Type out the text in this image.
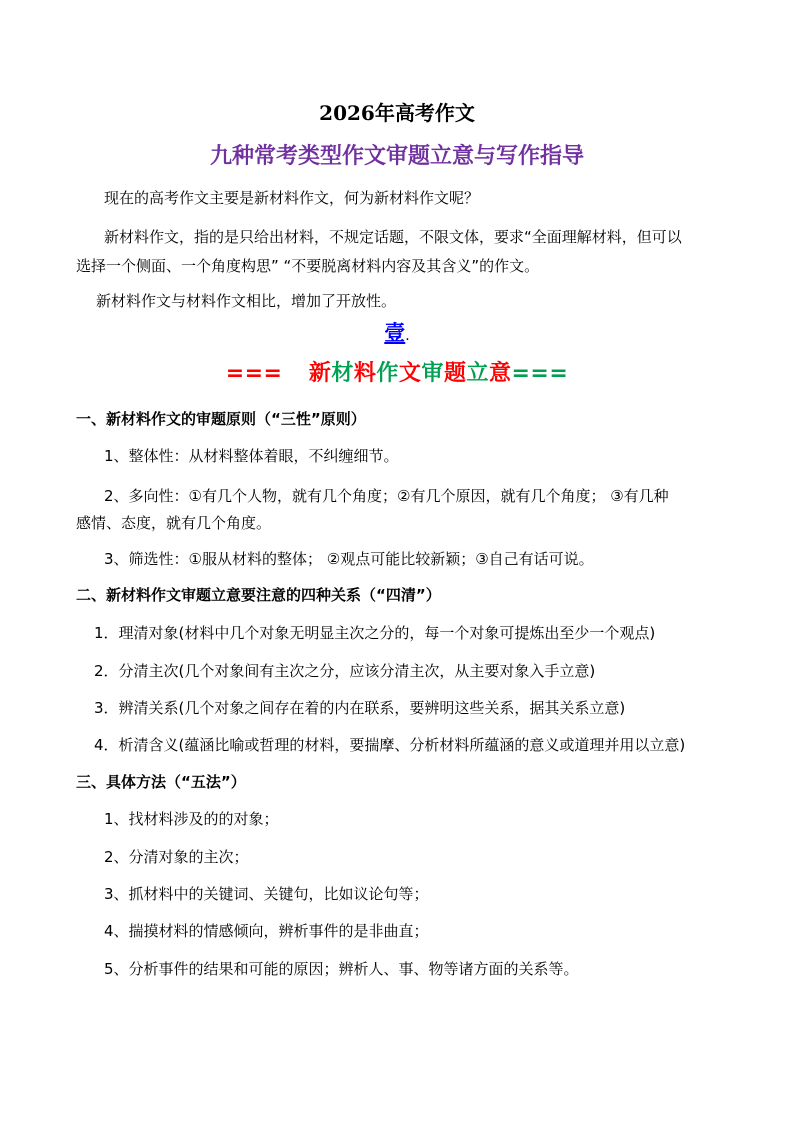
2026年高考作文
九种常考类型作文审题立意与写作指导
现在的高考作文主要是新材料作文，何为新材料作文呢？
新材料作文，指的是只给出材料，不规定话题，不限文体，要求“全面理解材料，但可以
选择一个侧面、一个角度构思” “不要脱离材料内容及其含义”的作文。
新材料作文与材料作文相比，增加了开放性。
壹.
=== 新材料作文审题立意===
一、新材料作文的审题原则（“三性”原则）
1、整体性：从材料整体着眼，不纠缠细节。
2、多向性：①有几个人物，就有几个角度；②有几个原因，就有几个角度； ③有几种
感情、态度，就有几个角度。
3、筛选性：①服从材料的整体； ②观点可能比较新颖；③自己有话可说。
二、新材料作文审题立意要注意的四种关系（“四清”）
1．理清对象(材料中几个对象无明显主次之分的，每一个对象可提炼出至少一个观点)
2．分清主次(几个对象间有主次之分，应该分清主次，从主要对象入手立意)
3．辨清关系(几个对象之间存在着的内在联系，要辨明这些关系，据其关系立意)
4．析清含义(蕴涵比喻或哲理的材料，要揣摩、分析材料所蕴涵的意义或道理并用以立意)
三、具体方法（“五法”）
1、找材料涉及的的对象；
2、分清对象的主次；
3、抓材料中的关键词、关键句，比如议论句等；
4、揣摸材料的情感倾向，辨析事件的是非曲直；
5、分析事件的结果和可能的原因；辨析人、事、物等诸方面的关系等。
